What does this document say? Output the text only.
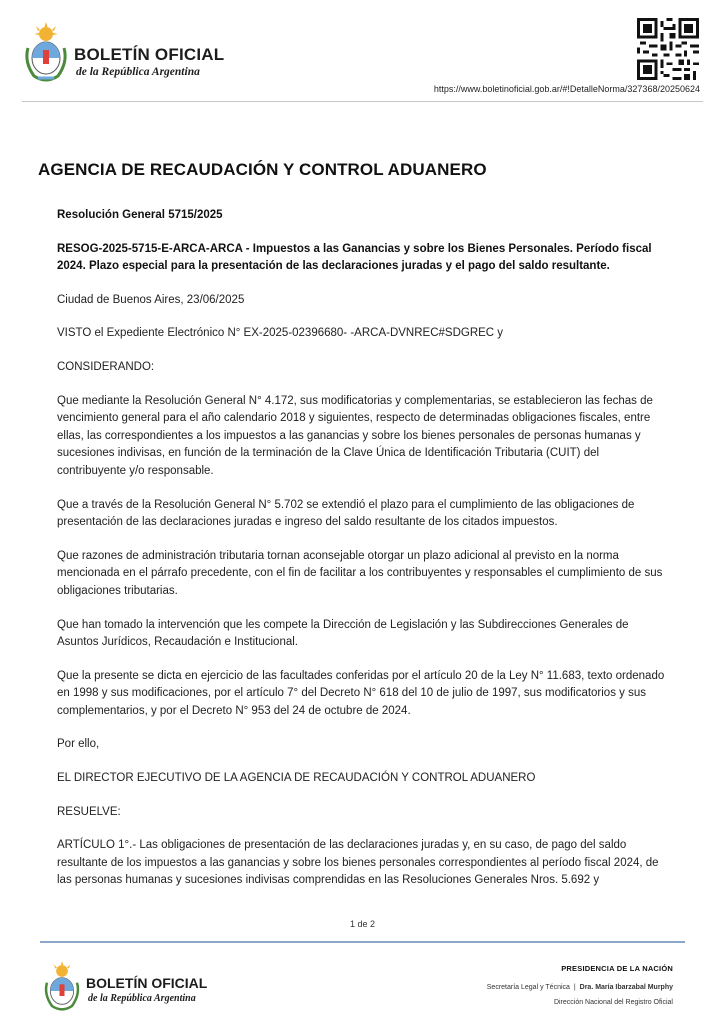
BOLETÍN OFICIAL
de la República Argentina
https://www.boletinoficial.gob.ar/#!DetalleNorma/327368/20250624
AGENCIA DE RECAUDACIÓN Y CONTROL ADUANERO

Resolución General 5715/2025

RESOG-2025-5715-E-ARCA-ARCA - Impuestos a las Ganancias y sobre los Bienes Personales. Período fiscal 2024. Plazo especial para la presentación de las declaraciones juradas y el pago del saldo resultante.

Ciudad de Buenos Aires, 23/06/2025

VISTO el Expediente Electrónico N° EX-2025-02396680- -ARCA-DVNREC#SDGREC y

CONSIDERANDO:

Que mediante la Resolución General N° 4.172, sus modificatorias y complementarias, se establecieron las fechas de vencimiento general para el año calendario 2018 y siguientes, respecto de determinadas obligaciones fiscales, entre ellas, las correspondientes a los impuestos a las ganancias y sobre los bienes personales de personas humanas y sucesiones indivisas, en función de la terminación de la Clave Única de Identificación Tributaria (CUIT) del contribuyente y/o responsable.

Que a través de la Resolución General N° 5.702 se extendió el plazo para el cumplimiento de las obligaciones de presentación de las declaraciones juradas e ingreso del saldo resultante de los citados impuestos.

Que razones de administración tributaria tornan aconsejable otorgar un plazo adicional al previsto en la norma mencionada en el párrafo precedente, con el fin de facilitar a los contribuyentes y responsables el cumplimiento de sus obligaciones tributarias.

Que han tomado la intervención que les compete la Dirección de Legislación y las Subdirecciones Generales de Asuntos Jurídicos, Recaudación e Institucional.

Que la presente se dicta en ejercicio de las facultades conferidas por el artículo 20 de la Ley N° 11.683, texto ordenado en 1998 y sus modificaciones, por el artículo 7° del Decreto N° 618 del 10 de julio de 1997, sus modificatorios y sus complementarios, y por el Decreto N° 953 del 24 de octubre de 2024.

Por ello,

EL DIRECTOR EJECUTIVO DE LA AGENCIA DE RECAUDACIÓN Y CONTROL ADUANERO

RESUELVE:

ARTÍCULO 1°.- Las obligaciones de presentación de las declaraciones juradas y, en su caso, de pago del saldo resultante de los impuestos a las ganancias y sobre los bienes personales correspondientes al período fiscal 2024, de las personas humanas y sucesiones indivisas comprendidas en las Resoluciones Generales Nros. 5.692 y

1 de 2
BOLETÍN OFICIAL
de la República Argentina
PRESIDENCIA DE LA NACIÓN
Secretaría Legal y Técnica | Dra. María Ibarzabal Murphy
Dirección Nacional del Registro Oficial
